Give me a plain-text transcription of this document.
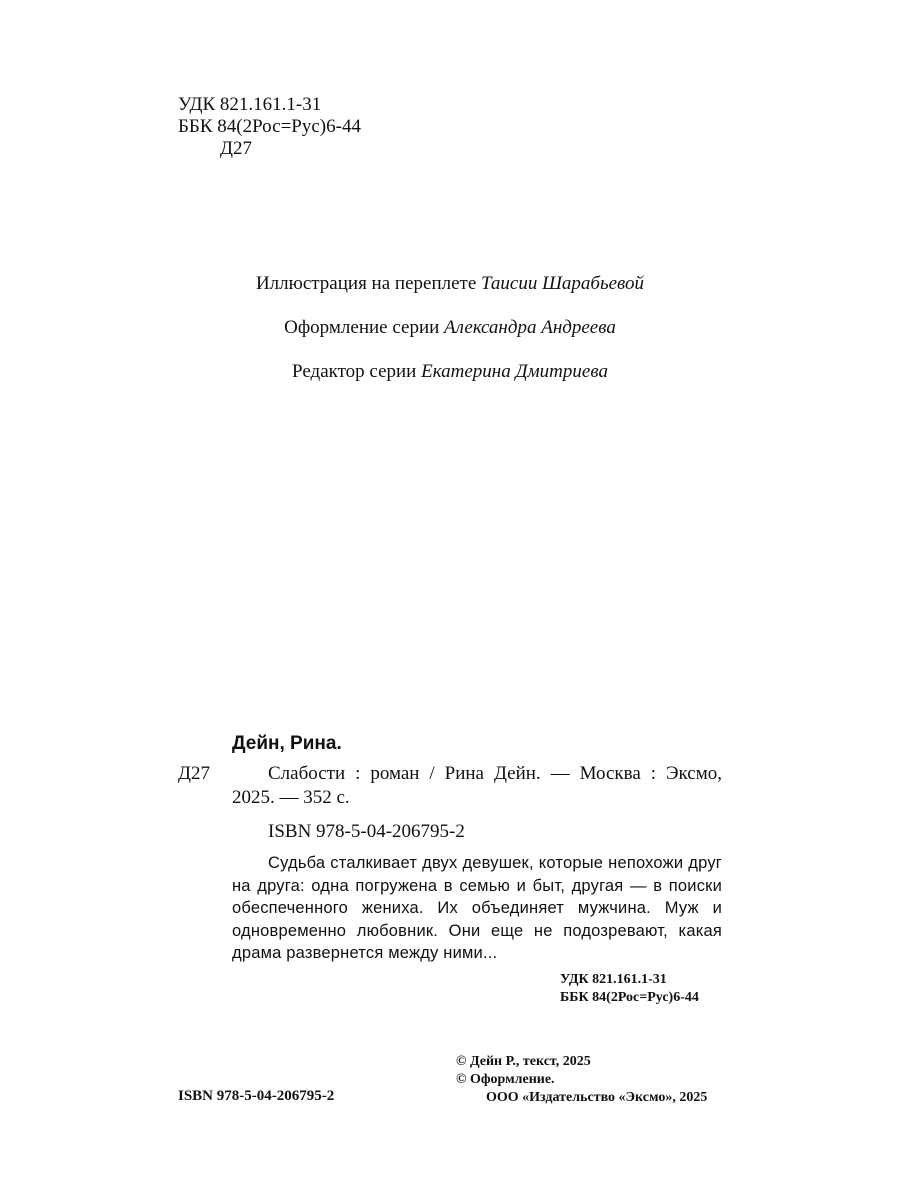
УДК 821.161.1-31
ББК 84(2Рос=Рус)6-44
Д27
Иллюстрация на переплете Таисии Шарабьевой
Оформление серии Александра Андреева
Редактор серии Екатерина Дмитриева
Дейн, Рина.
Д27	Слабости : роман / Рина Дейн. — Москва : Эксмо, 2025. — 352 с.
ISBN 978-5-04-206795-2
Судьба сталкивает двух девушек, которые непохожи друг на друга: одна погружена в семью и быт, другая — в поиски обеспеченного жениха. Их объединяет мужчина. Муж и одновременно любовник. Они еще не подозревают, какая драма развернется между ними...
УДК 821.161.1-31
ББК 84(2Рос=Рус)6-44
© Дейн Р., текст, 2025
© Оформление.
ООО «Издательство «Эксмо», 2025
ISBN 978-5-04-206795-2
